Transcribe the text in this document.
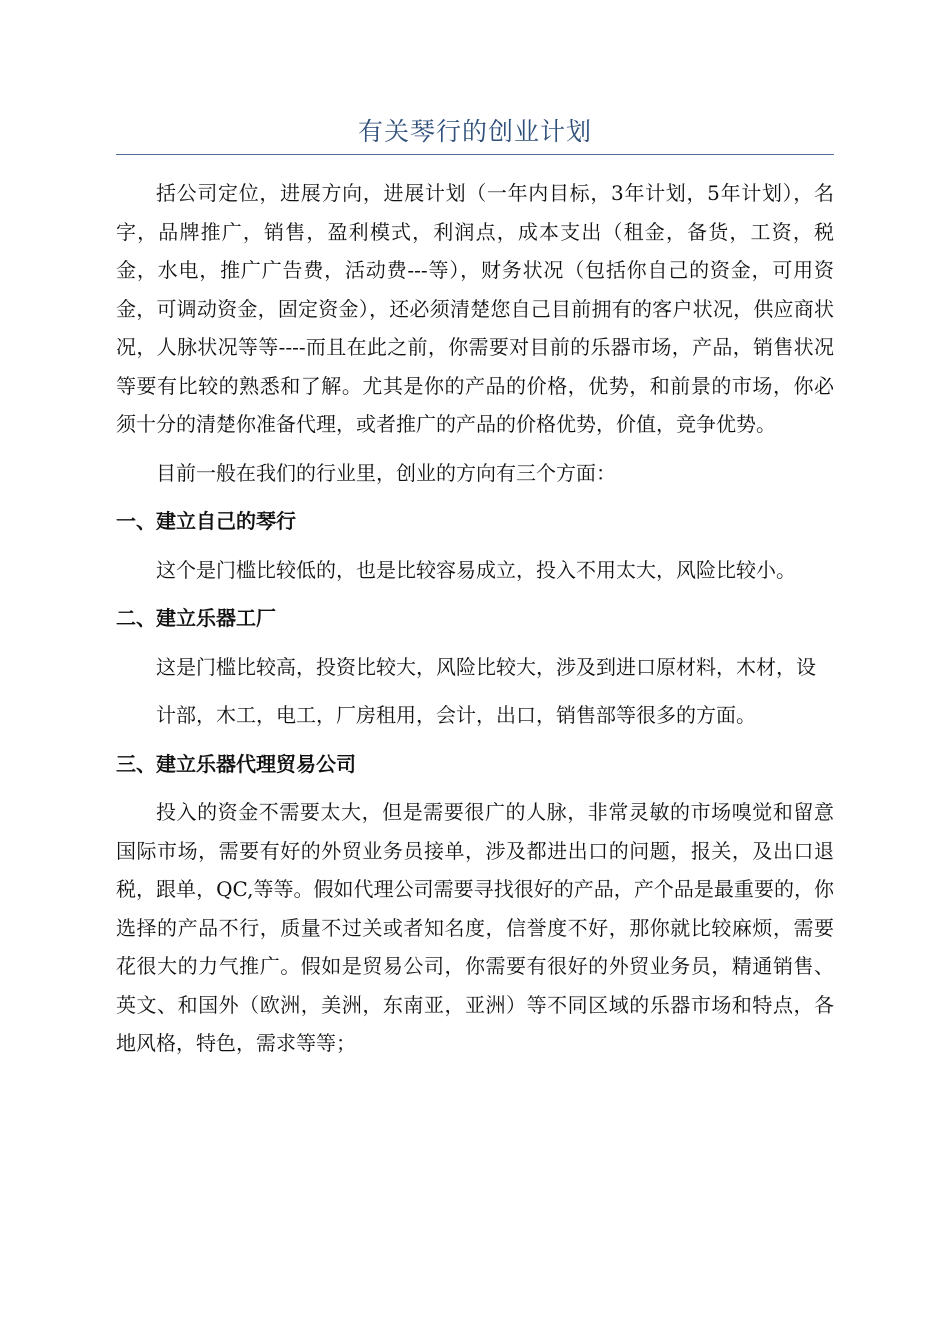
有关琴行的创业计划

括公司定位，进展方向，进展计划（一年内目标，3年计划，5年计划），名字，品牌推广，销售，盈利模式，利润点，成本支出（租金，备货，工资，税金，水电，推广广告费，活动费---等），财务状况（包括你自己的资金，可用资金，可调动资金，固定资金），还必须清楚您自己目前拥有的客户状况，供应商状况，人脉状况等等----而且在此之前，你需要对目前的乐器市场，产品，销售状况等要有比较的熟悉和了解。尤其是你的产品的价格，优势，和前景的市场，你必须十分的清楚你准备代理，或者推广的产品的价格优势，价值，竞争优势。

目前一般在我们的行业里，创业的方向有三个方面：

一、建立自己的琴行

这个是门槛比较低的，也是比较容易成立，投入不用太大，风险比较小。

二、建立乐器工厂

这是门槛比较高，投资比较大，风险比较大，涉及到进口原材料，木材，设

计部，木工，电工，厂房租用，会计，出口，销售部等很多的方面。

三、建立乐器代理贸易公司

投入的资金不需要太大，但是需要很广的人脉，非常灵敏的市场嗅觉和留意国际市场，需要有好的外贸业务员接单，涉及都进出口的问题，报关，及出口退税，跟单，QC,等等。假如代理公司需要寻找很好的产品，产个品是最重要的，你选择的产品不行，质量不过关或者知名度，信誉度不好，那你就比较麻烦，需要花很大的力气推广。假如是贸易公司，你需要有很好的外贸业务员，精通销售、英文、和国外（欧洲，美洲，东南亚，亚洲）等不同区域的乐器市场和特点，各地风格，特色，需求等等；
